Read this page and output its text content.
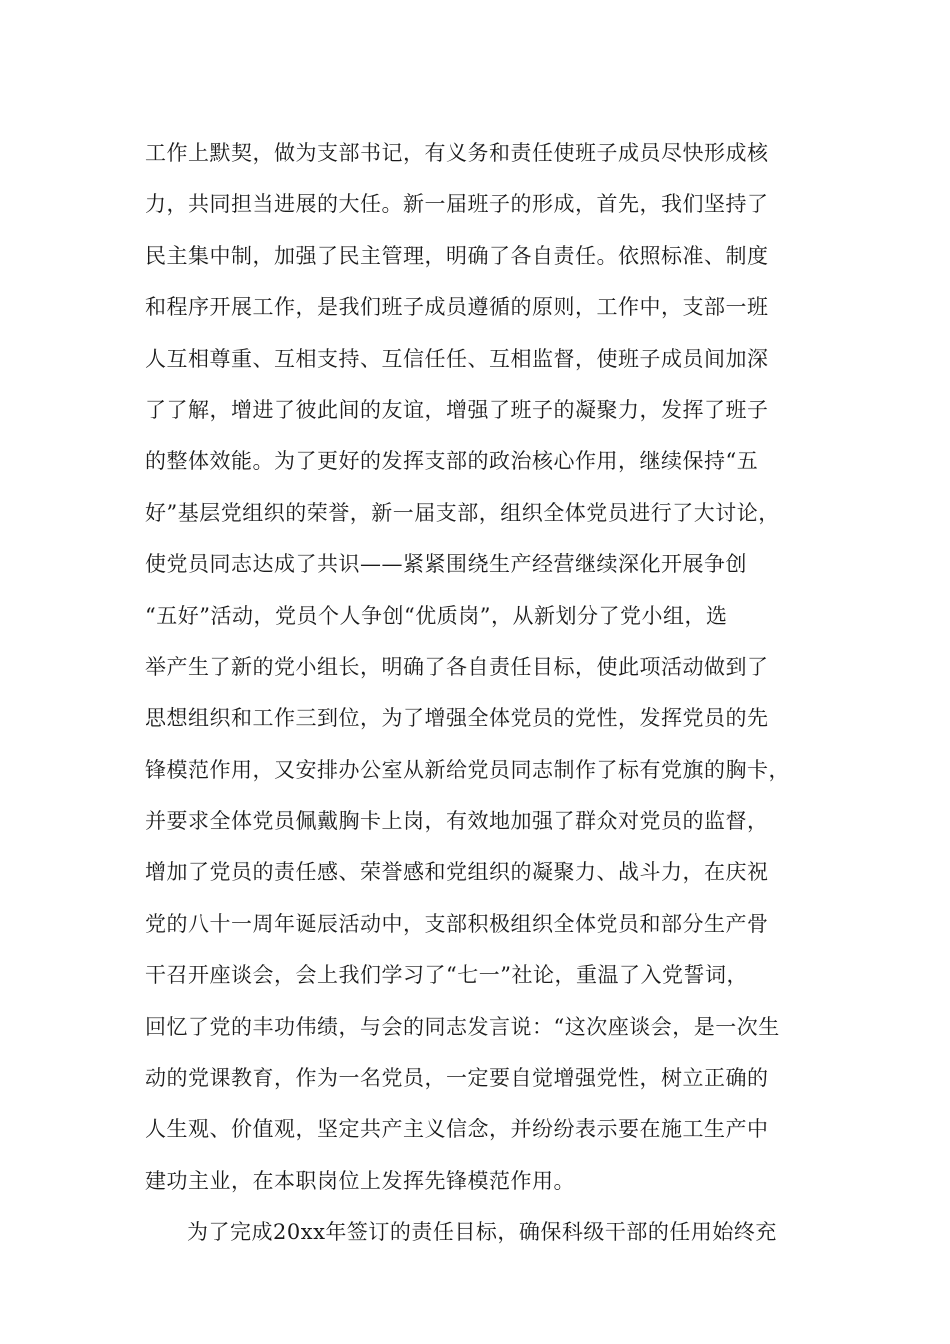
工作上默契，做为支部书记，有义务和责任使班子成员尽快形成核
力，共同担当进展的大任。新一届班子的形成，首先，我们坚持了
民主集中制，加强了民主管理，明确了各自责任。依照标准、制度
和程序开展工作，是我们班子成员遵循的原则，工作中，支部一班
人互相尊重、互相支持、互信任任、互相监督，使班子成员间加深
了了解，增进了彼此间的友谊，增强了班子的凝聚力，发挥了班子
的整体效能。为了更好的发挥支部的政治核心作用，继续保持“五
好”基层党组织的荣誉，新一届支部，组织全体党员进行了大讨论，
使党员同志达成了共识——紧紧围绕生产经营继续深化开展争创
“五好”活动，党员个人争创“优质岗”，从新划分了党小组，选
举产生了新的党小组长，明确了各自责任目标，使此项活动做到了
思想组织和工作三到位，为了增强全体党员的党性，发挥党员的先
锋模范作用，又安排办公室从新给党员同志制作了标有党旗的胸卡，
并要求全体党员佩戴胸卡上岗，有效地加强了群众对党员的监督，
增加了党员的责任感、荣誉感和党组织的凝聚力、战斗力，在庆祝
党的八十一周年诞辰活动中，支部积极组织全体党员和部分生产骨
干召开座谈会，会上我们学习了“七一”社论，重温了入党誓词，
回忆了党的丰功伟绩，与会的同志发言说：“这次座谈会，是一次生
动的党课教育，作为一名党员，一定要自觉增强党性，树立正确的
人生观、价值观，坚定共产主义信念，并纷纷表示要在施工生产中
建功主业，在本职岗位上发挥先锋模范作用。
为了完成20xx年签订的责任目标，确保科级干部的任用始终充
